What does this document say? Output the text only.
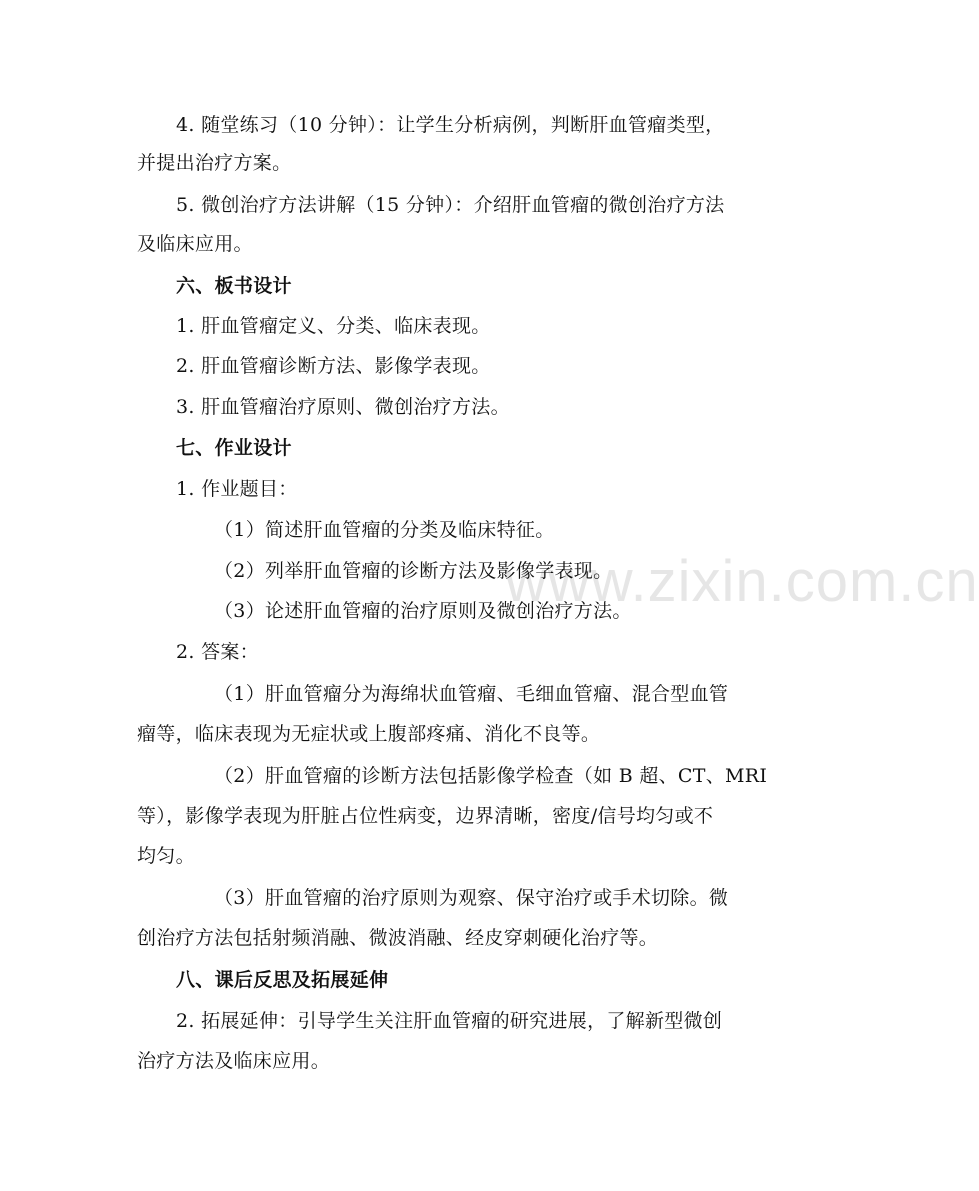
www.zixin.com.cn
4. 随堂练习（10 分钟）：让学生分析病例，判断肝血管瘤类型，
并提出治疗方案。
5. 微创治疗方法讲解（15 分钟）：介绍肝血管瘤的微创治疗方法
及临床应用。
六、板书设计
1. 肝血管瘤定义、分类、临床表现。
2. 肝血管瘤诊断方法、影像学表现。
3. 肝血管瘤治疗原则、微创治疗方法。
七、作业设计
1. 作业题目：
（1）简述肝血管瘤的分类及临床特征。
（2）列举肝血管瘤的诊断方法及影像学表现。
（3）论述肝血管瘤的治疗原则及微创治疗方法。
2. 答案：
（1）肝血管瘤分为海绵状血管瘤、毛细血管瘤、混合型血管
瘤等，临床表现为无症状或上腹部疼痛、消化不良等。
（2）肝血管瘤的诊断方法包括影像学检查（如 B 超、CT、MRI
等），影像学表现为肝脏占位性病变，边界清晰，密度/信号均匀或不
均匀。
（3）肝血管瘤的治疗原则为观察、保守治疗或手术切除。微
创治疗方法包括射频消融、微波消融、经皮穿刺硬化治疗等。
八、课后反思及拓展延伸
2. 拓展延伸：引导学生关注肝血管瘤的研究进展，了解新型微创
治疗方法及临床应用。
